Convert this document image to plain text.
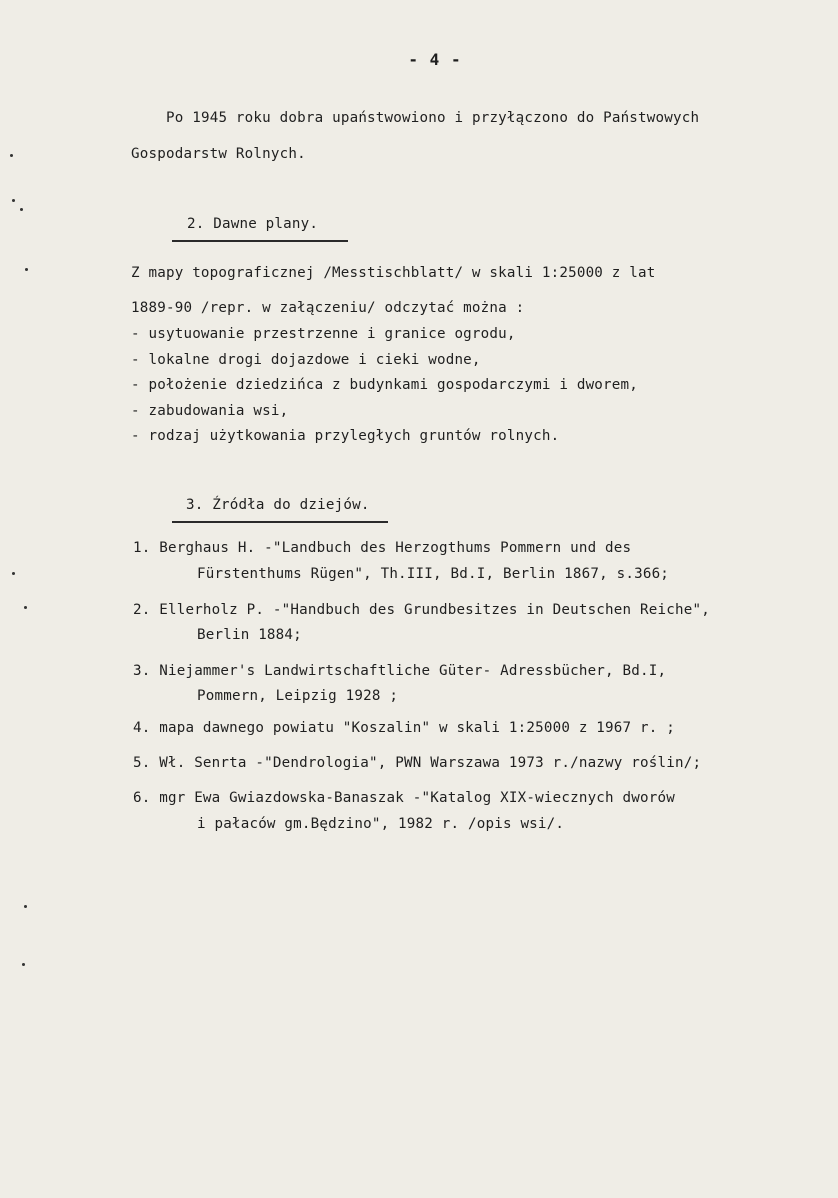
- 4 -
Po 1945 roku dobra upaństwowiono i przyłączono do Państwowych
Gospodarstw Rolnych.
2. Dawne plany.
Z mapy topograficznej /Messtischblatt/ w skali 1:25000 z lat
1889-90 /repr. w załączeniu/ odczytać można :
- usytuowanie przestrzenne i granice ogrodu,
- lokalne drogi dojazdowe i cieki wodne,
- położenie dziedzińca z budynkami gospodarczymi i dworem,
- zabudowania wsi,
- rodzaj użytkowania przyległych gruntów rolnych.
3. Źródła do dziejów.
1. Berghaus H. -"Landbuch des Herzogthums Pommern und des
Fürstenthums Rügen", Th.III, Bd.I, Berlin 1867, s.366;
2. Ellerholz P. -"Handbuch des Grundbesitzes in Deutschen Reiche",
Berlin 1884;
3. Niejammer's Landwirtschaftliche Güter- Adressbücher, Bd.I,
Pommern, Leipzig 1928 ;
4. mapa dawnego powiatu "Koszalin" w skali 1:25000 z 1967 r. ;
5. Wł. Senrta -"Dendrologia", PWN Warszawa 1973 r./nazwy roślin/;
6. mgr Ewa Gwiazdowska-Banaszak -"Katalog XIX-wiecznych dworów
i pałaców gm.Będzino", 1982 r. /opis wsi/.
